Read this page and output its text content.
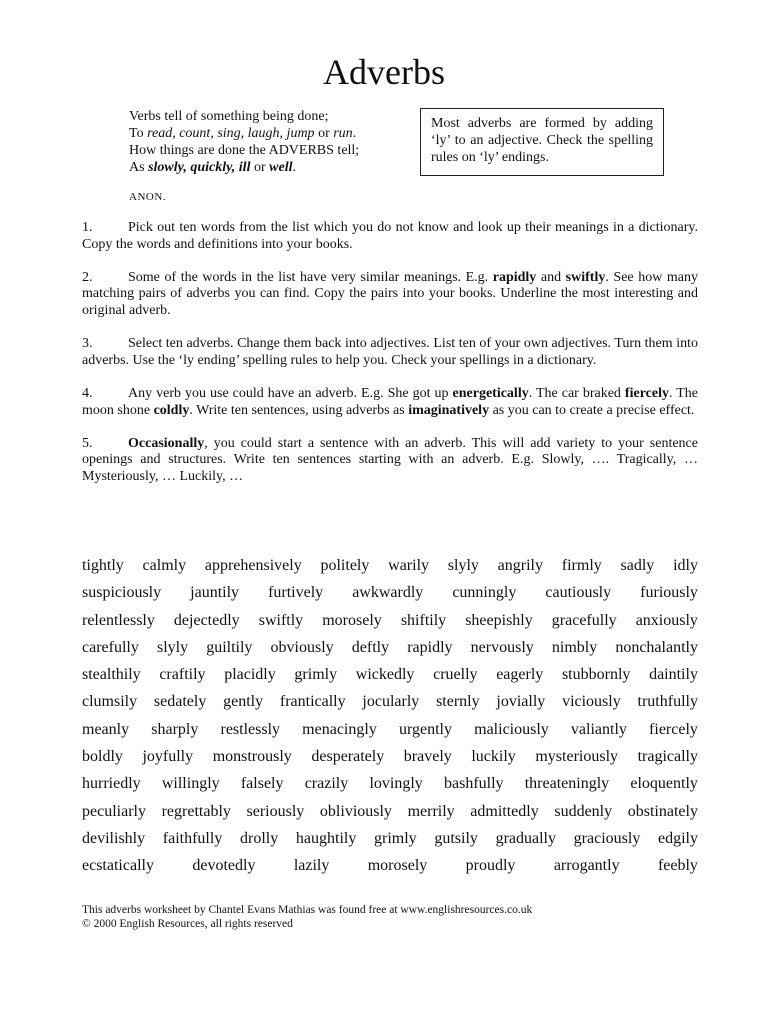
Adverbs
Verbs tell of something being done;
To read, count, sing, laugh, jump or run.
How things are done the ADVERBS tell;
As slowly, quickly, ill or well.
ANON.
Most adverbs are formed by adding ‘ly’ to an adjective. Check the spelling rules on ‘ly’ endings.

1.	Pick out ten words from the list which you do not know and look up their meanings in a dictionary. Copy the words and definitions into your books.

2.	Some of the words in the list have very similar meanings. E.g. rapidly and swiftly. See how many matching pairs of adverbs you can find. Copy the pairs into your books. Underline the most interesting and original adverb.

3.	Select ten adverbs. Change them back into adjectives. List ten of your own adjectives. Turn them into adverbs. Use the ‘ly ending’ spelling rules to help you. Check your spellings in a dictionary.

4.	Any verb you use could have an adverb. E.g. She got up energetically. The car braked fiercely. The moon shone coldly. Write ten sentences, using adverbs as imaginatively as you can to create a precise effect.

5.	Occasionally, you could start a sentence with an adverb. This will add variety to your sentence openings and structures. Write ten sentences starting with an adverb. E.g. Slowly, …. Tragically, … Mysteriously, … Luckily, …

tightly calmly apprehensively politely warily slyly angrily firmly sadly idly
suspiciously jauntily furtively awkwardly cunningly cautiously furiously
relentlessly dejectedly swiftly morosely shiftily sheepishly gracefully anxiously
carefully slyly guiltily obviously deftly rapidly nervously nimbly nonchalantly
stealthily craftily placidly grimly wickedly cruelly eagerly stubbornly daintily
clumsily sedately gently frantically jocularly sternly jovially viciously truthfully
meanly sharply restlessly menacingly urgently maliciously valiantly fiercely
boldly joyfully monstrously desperately bravely luckily mysteriously tragically
hurriedly willingly falsely crazily lovingly bashfully threateningly eloquently
peculiarly regrettably seriously obliviously merrily admittedly suddenly obstinately
devilishly faithfully drolly haughtily grimly gutsily gradually graciously edgily
ecstatically devotedly lazily morosely proudly arrogantly feebly
This adverbs worksheet by Chantel Evans Mathias was found free at www.englishresources.co.uk
© 2000 English Resources, all rights reserved
